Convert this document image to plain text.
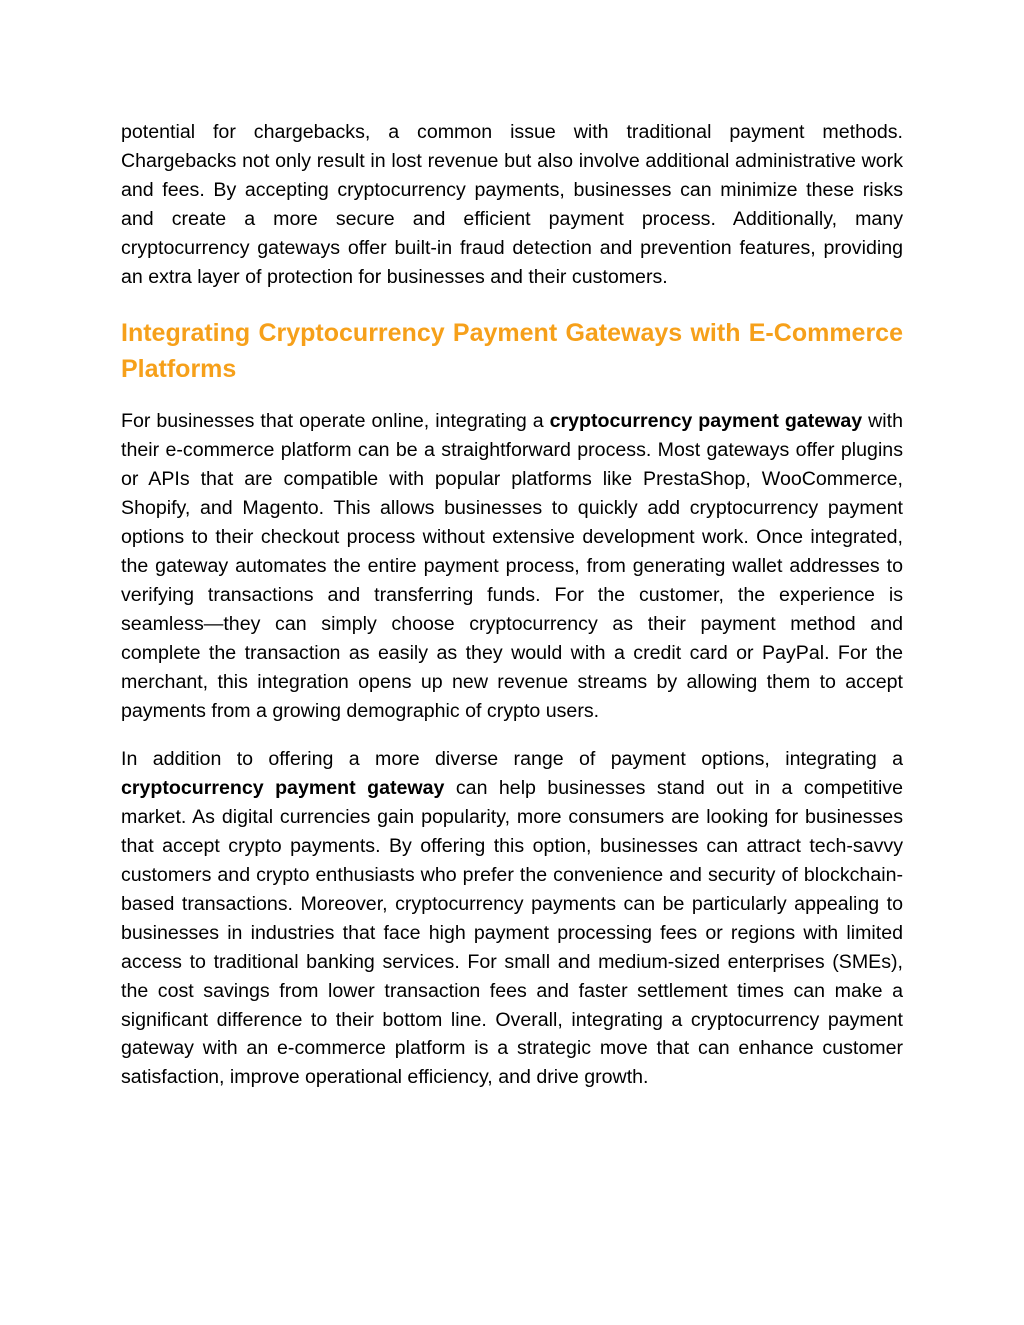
potential for chargebacks, a common issue with traditional payment methods. Chargebacks not only result in lost revenue but also involve additional administrative work and fees. By accepting cryptocurrency payments, businesses can minimize these risks and create a more secure and efficient payment process. Additionally, many cryptocurrency gateways offer built-in fraud detection and prevention features, providing an extra layer of protection for businesses and their customers.

Integrating Cryptocurrency Payment Gateways with E-Commerce Platforms

For businesses that operate online, integrating a cryptocurrency payment gateway with their e-commerce platform can be a straightforward process. Most gateways offer plugins or APIs that are compatible with popular platforms like PrestaShop, WooCommerce, Shopify, and Magento. This allows businesses to quickly add cryptocurrency payment options to their checkout process without extensive development work. Once integrated, the gateway automates the entire payment process, from generating wallet addresses to verifying transactions and transferring funds. For the customer, the experience is seamless—they can simply choose cryptocurrency as their payment method and complete the transaction as easily as they would with a credit card or PayPal. For the merchant, this integration opens up new revenue streams by allowing them to accept payments from a growing demographic of crypto users.

In addition to offering a more diverse range of payment options, integrating a cryptocurrency payment gateway can help businesses stand out in a competitive market. As digital currencies gain popularity, more consumers are looking for businesses that accept crypto payments. By offering this option, businesses can attract tech-savvy customers and crypto enthusiasts who prefer the convenience and security of blockchain-based transactions. Moreover, cryptocurrency payments can be particularly appealing to businesses in industries that face high payment processing fees or regions with limited access to traditional banking services. For small and medium-sized enterprises (SMEs), the cost savings from lower transaction fees and faster settlement times can make a significant difference to their bottom line. Overall, integrating a cryptocurrency payment gateway with an e-commerce platform is a strategic move that can enhance customer satisfaction, improve operational efficiency, and drive growth.
